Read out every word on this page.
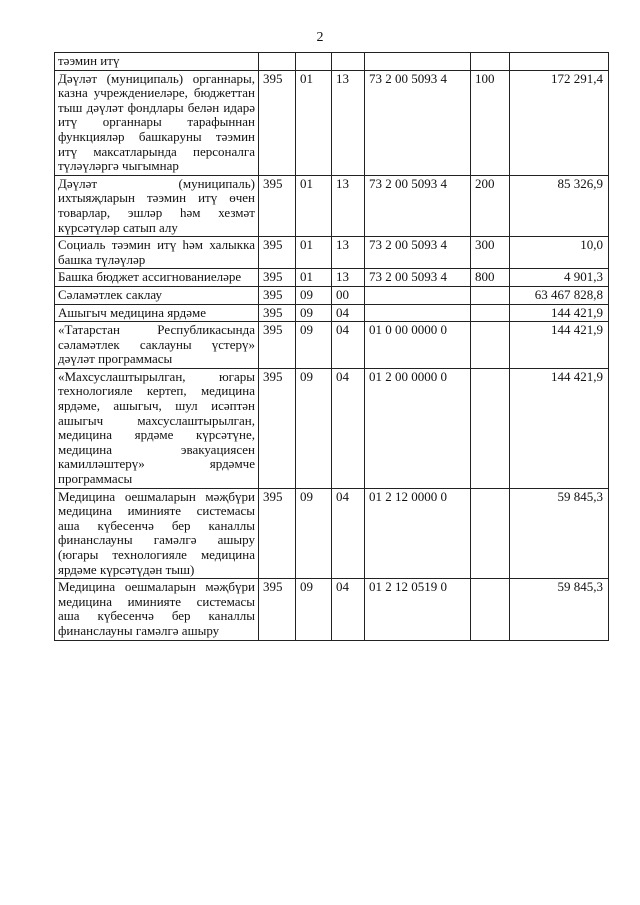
2
тәэмин итү						
Дәүләт (муниципаль) органнары, казна учреждениеләре, бюджеттан тыш дәүләт фондлары белән идарә итү органнары тарафыннан функцияләр башкаруны тәэмин итү максатларында персоналга түләүләргә чыгымнар	395	01	13	73 2 00 5093 4	100	172 291,4
Дәүләт (муниципаль) ихтыяҗларын тәэмин итү өчен товарлар, эшләр һәм хезмәт күрсәтүләр сатып алу	395	01	13	73 2 00 5093 4	200	85 326,9
Социаль тәэмин итү һәм халыкка башка түләүләр	395	01	13	73 2 00 5093 4	300	10,0
Башка бюджет ассигнованиеләре	395	01	13	73 2 00 5093 4	800	4 901,3
Сәламәтлек саклау	395	09	00			63 467 828,8
Ашыгыч медицина ярдәме	395	09	04			144 421,9
«Татарстан Республикасында сәламәтлек саклауны үстерү» дәүләт программасы	395	09	04	01 0 00 0000 0		144 421,9
«Махсуслаштырылган, югары технологияле кертеп, медицина ярдәме, ашыгыч, шул исәптән ашыгыч махсуслаштырылган, медицина ярдәме күрсәтүне, медицина эвакуациясен камилләштерү» ярдәмче программасы	395	09	04	01 2 00 0000 0		144 421,9
Медицина оешмаларын мәҗбүри медицина иминияте системасы аша күбесенчә бер каналлы финанслауны гамәлгә ашыру (югары технологияле медицина ярдәме күрсәтүдән тыш)	395	09	04	01 2 12 0000 0		59 845,3
Медицина оешмаларын мәҗбүри медицина иминияте системасы аша күбесенчә бер каналлы финанслауны гамәлгә ашыру	395	09	04	01 2 12 0519 0		59 845,3
